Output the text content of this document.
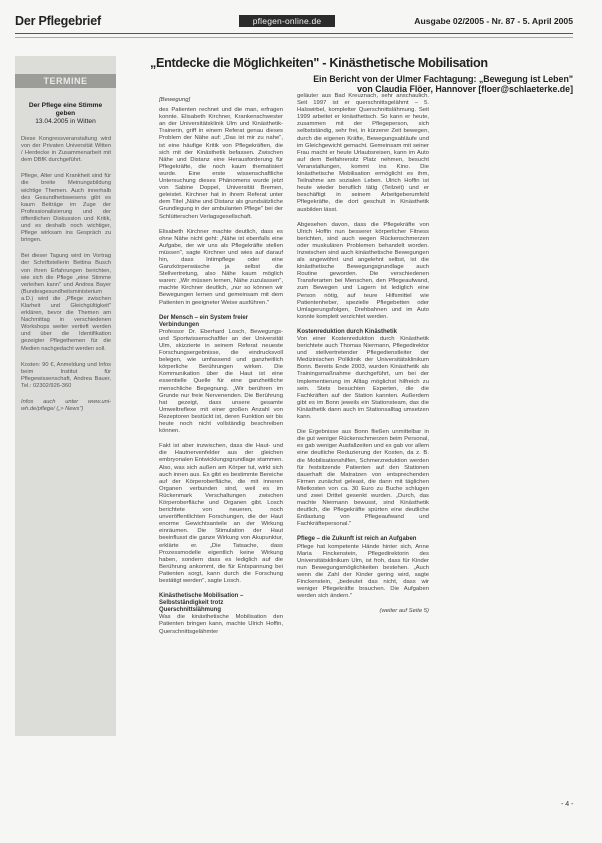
Der Pflegebrief	pflegen-online.de	Ausgabe 02/2005 - Nr. 87 - 5. April 2005
TERMINE
Der Pflege eine Stimme geben
13.04.2005 in Witten

Diese Kongressveranstaltung wird von der Privaten Universität Witten / Herdecke in Zusammenarbeit mit dem DBfK durchgeführt.

Pflege, Alter und Krankheit sind für die breite Meinungsbildung wichtige Themen. Auch innerhalb des Gesundheitswesens gibt es kaum Beiträge im Zuge der Professionalisierung und der öffentlichen Diskussion und Kritik, und es deshalb noch wichtiger, Pflege wirksam ins Gespräch zu bringen.

Bei dieser Tagung wird im Vortrag der Schriftstellerin Bettina Busch von ihren Erfahrungen berichten, wie sich die Pflege „eine Stimme verleihen kann" und Andrea Bayer (Bundesgesundheitsministerium a.D.) wird die „Pflege zwischen Klarheit und Gleichgültigkeit" erklären, bevor die Themen am Nachmittag in verschiedenen Workshops weiter vertieft werden und über die Identifikation gezeigter Pflegethemen für die Medien nachgedacht werden soll.

Kosten: 90 €, Anmeldung und Infos beim Institut für Pflegewissenschaft, Andrea Bauer, Tel.: 02302/926-360

Infos auch unter www.uni-wh.de/pflege/ („> News")

„Entdecke die Möglichkeiten" - Kinästhetische Mobilisation
Ein Bericht von der Ulmer Fachtagung: „Bewegung ist Leben"
von Claudia Flöer, Hannover [floer@schlaeterke.de]

[Bewegung]

des Patienten rechnet und die man, erfragen konnte. Elisabeth Kirchner, Krankenschwester an der Universitätsklinik Ulm und Kinästhetik-Trainerin, griff in einem Referat genau dieses Problem der Nähe auf: „Das ist mir zu nahe", ist eine häufige Kritik von Pflegekräften, die sich mit der Kinästhetik befassen. Zwischen Nähe und Distanz eine Herausforderung für Pflegekräfte, die noch kaum thematisiert wurde. Eine erste wissenschaftliche Untersuchung dieses Phänomens wurde jetzt von Sabine Doppel, Universität Bremen, geleistet. Kirchner hat in ihrem Referat unter dem Titel „Nähe und Distanz als grundsätzliche Grundlegung in der ambulanten Pflege" bei der Schlütterschen Verlagsgesellschaft.

Elisabeth Kirchner machte deutlich, dass es ohne Nähe nicht geht: „Nähe ist ebenfalls eine Aufgabe, der wir uns als Pflegekräfte stellen müssen", sagte Kirchner und wies auf darauf hin, dass Intimpflege oder eine Ganzkörperwäsche ja selbst die Stellvertretung, also Nähe kaum möglich waren: „Wir müssen lernen, Nähe zuzulassen", machte Kirchner deutlich, „nur so können wir Bewegungen lernen und gemeinsam mit dem Patienten in geeigneter Weise ausführen."

Der Mensch – ein System freier Verbindungen

Professor Dr. Eberhard Losch, Bewegungs- und Sportwissenschaftler an der Universität Ulm, skizzierte in seinem Referat neueste Forschungsergebnisse, die eindrucksvoll belegen, wie umfassend und ganzheitlich körperliche Berührungen wirken. Die Kommunikation über die Haut ist eine essentielle Quelle für eine ganzheitliche menschliche Begegnung. „Wir berühren im Grunde nur freie Nervenenden. Die Berührung hat gezeigt, dass unsere gesamte Umweltreflexe mit einer großen Anzahl von Rezeptoren bestückt ist, deren Funktion wir bis heute noch nicht vollständig beschreiben können.

Fakt ist aber inzwischen, dass die Haut- und die Hautnervenfelder aus der gleichen embryonalen Entwicklungsgrundlage stammen. Also, was sich außen am Körper tut, wirkt sich auch innen aus. Es gibt es bestimmte Bereiche auf der Körperoberfläche, die mit inneren Organen verbunden sind, weil es im Rückenmark Verschaltungen zwischen Körperoberfläche und Organen gibt. Losch berichtete von neueren, noch unveröffentlichten Forschungen, die der Haut enorme Gewichtsanteile an der Wirkung einräumen. Die Stimulation der Haut beeinflusst die ganze Wirkung von Akupunktur, erklärte er. „Die Tatsache, dass Prozessmodelle eigentlich keine Wirkung haben, sondern dass es lediglich auf die Berührung ankommt, die für Entspannung bei Patienten sorgt, kann durch die Forschung bestätigt werden", sagte Losch.

Kinästhetische Mobilisation – Selbstständigkeit trotz Querschnittslähmung

Was die kinästhetische Mobilisation den Patienten bringen kann, machte Ulrich Hoffin, Querschnittsgelähmter

geläuter aus Bad Kreuznach, sehr anschaulich. Seit 1997 ist er querschnittsgelähmt – 5. Halswirbel, kompletter Querschnittslähmung. Seit 1999 arbeitet er kinästhetisch. So kann er heute, zusammen mit der Pflegeperson, sich selbstständig, sehr frei, in kürzerer Zeit bewegen, durch die eigenen Kräfte, Bewegungsabläufe und im Gleichgewicht gemacht. Gemeinsam mit seiner Frau macht er heute Urlaubsreisen, kann im Auto auf dem Beifahrersitz Platz nehmen, besucht Veranstaltungen, kommt ins Kino. Die kinästhetische Mobilisation ermöglicht es ihm, Teilnahme am sozialen Leben. Ulrich Hoffin ist heute wieder beruflich tätig (Teilzeit) und er beschäftigt in seinem Arbeitgeberumfeld Pflegekräfte, die dort geschult in Kinästhetik ausbilden lässt.

Abgesehen davon, dass die Pflegekräfte von Ulrich Hoffin nun besserer körperlicher Fitness berichten, sind auch wegen Rückenschmerzen oder muskulären Problemen behandelt worden. Inzwischen sind auch kinästhetische Bewegungen als angewöhnt und angelehnt selbst, ist die kinästhetische Bewegungsgrundlage auch Routine geworden. Die verschiedenen Transferarten bei Menschen, den Pflegeaufwand, zum Bewegen und Lagern ist lediglich eine Person nötig, auf teure Hilfsmittel wie Patientenheber, spezielle Pflegebetten oder Umlagerungsfolgen, Drehbahnen und im Auto konnte komplett verzichtet werden.

Kostenreduktion durch Kinästhetik

Von einer Kostenreduktion durch Kinästhetik berichtete auch Thomas Niermann, Pflegedirektor und stellvertretender Pflegedienstleiter der Medizinischen Poliklinik der Universitätsklinikum Bonn. Bereits Ende 2003, wurden Kinästhetik als Trainingsmaßnahme durchgeführt, um bei der Implementierung im Alltag möglichst hilfreich zu sein. Stets besuchten Experten, die die Fachkräften auf der Station kannten. Außerdem gibt es im Bonn jeweils ein Stationsteam, das die Kinästhetik dann auch im Stationsalltag umsetzen kann.

Die Ergebnisse aus Bonn fließen unmittelbar in die gut weniger Rückenschmerzen beim Personal, es gab weniger Ausfallzeiten und es gab vor allem eine deutliche Reduzierung der Kosten, da z. B. die Mobilisationshilfen, Schmerzreduktion werden für festsitzende Patienten auf den Stationen dauerhaft die Matratzen von entsprechenden Firmen zunächst geleast, die dann mit täglichen Mietkosten von ca. 30 Euro zu Buche schlugen und zwei Drittel gesenkt wurden. „Durch, das machte Niermann bewusst, sind Kinästhetik deutlich, die Pflegekräfte spürten eine deutliche Entlastung von Pflegeaufwand und Fachkräftepersonal."

Pflege – die Zukunft ist reich an Aufgaben

Pflege hat kompetente Hände hinter sich, Anne Maria Finckenstein, Pflegedirektorin des Universitätsklinikum Ulm, ist froh, dass für Kinder nun Bewegungsmöglichkeiten bestehen. „Auch wenn die Zahl der Kinder gering wird, sagte Finckenstein, „bedeutet das nicht, dass wir weniger Pflegekräfte brauchen. Die Aufgaben werden sich ändern."

(weiter auf Seite 5)

- 4 -
